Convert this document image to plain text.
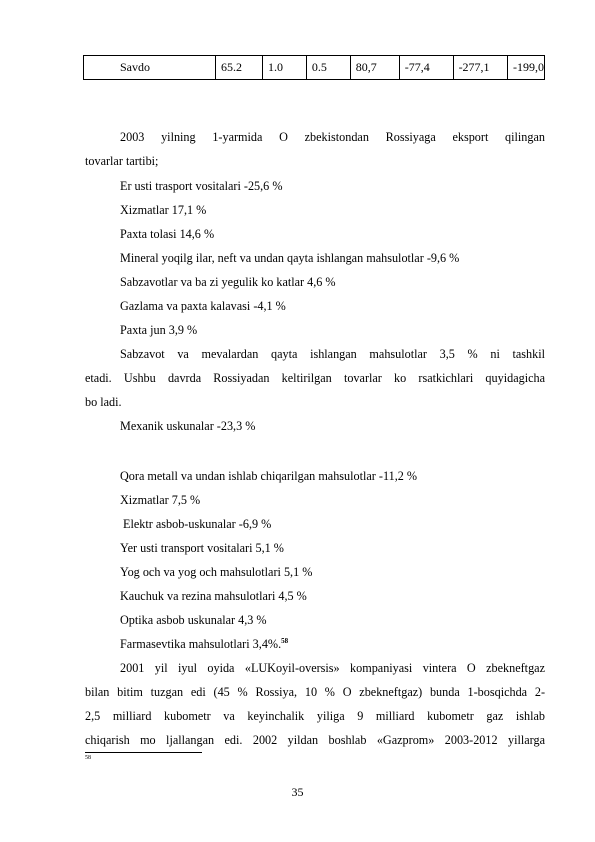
Savdo	65.2	1.0	0.5	80,7	-77,4	-277,1	-199,0
2003 yilning 1-yarmida O zbekistondan Rossiyaga eksport qilingan
tovarlar tartibi;
Er usti trasport vositalari -25,6 %
Xizmatlar 17,1 %
Paxta tolasi 14,6 %
Mineral yoqilg ilar, neft va undan qayta ishlangan mahsulotlar -9,6 %
Sabzavotlar va ba zi yegulik ko katlar 4,6 %
Gazlama va paxta kalavasi -4,1 %
Paxta jun 3,9 %
Sabzavot va mevalardan qayta ishlangan mahsulotlar 3,5 % ni tashkil
etadi. Ushbu davrda Rossiyadan keltirilgan tovarlar ko rsatkichlari quyidagicha
bo ladi.
Mexanik uskunalar -23,3 %
Qora metall va undan ishlab chiqarilgan mahsulotlar -11,2 %
Xizmatlar 7,5 %
Elektr asbob-uskunalar -6,9 %
Yer usti transport vositalari 5,1 %
Yog och va yog och mahsulotlari 5,1 %
Kauchuk va rezina mahsulotlari 4,5 %
Optika asbob uskunalar 4,3 %
Farmasevtika mahsulotlari 3,4%.$^{58}$
2001 yil iyul oyida «LUKoyil-oversis» kompaniyasi vintera O zbekneftgaz
bilan bitim tuzgan edi (45 % Rossiya, 10 % O zbekneftgaz) bunda 1-bosqichda 2-
2,5 milliard kubometr va keyinchalik yiliga 9 milliard kubometr gaz ishlab
chiqarish mo ljallangan edi. 2002 yildan boshlab «Gazprom» 2003-2012 yillarga
58
35
